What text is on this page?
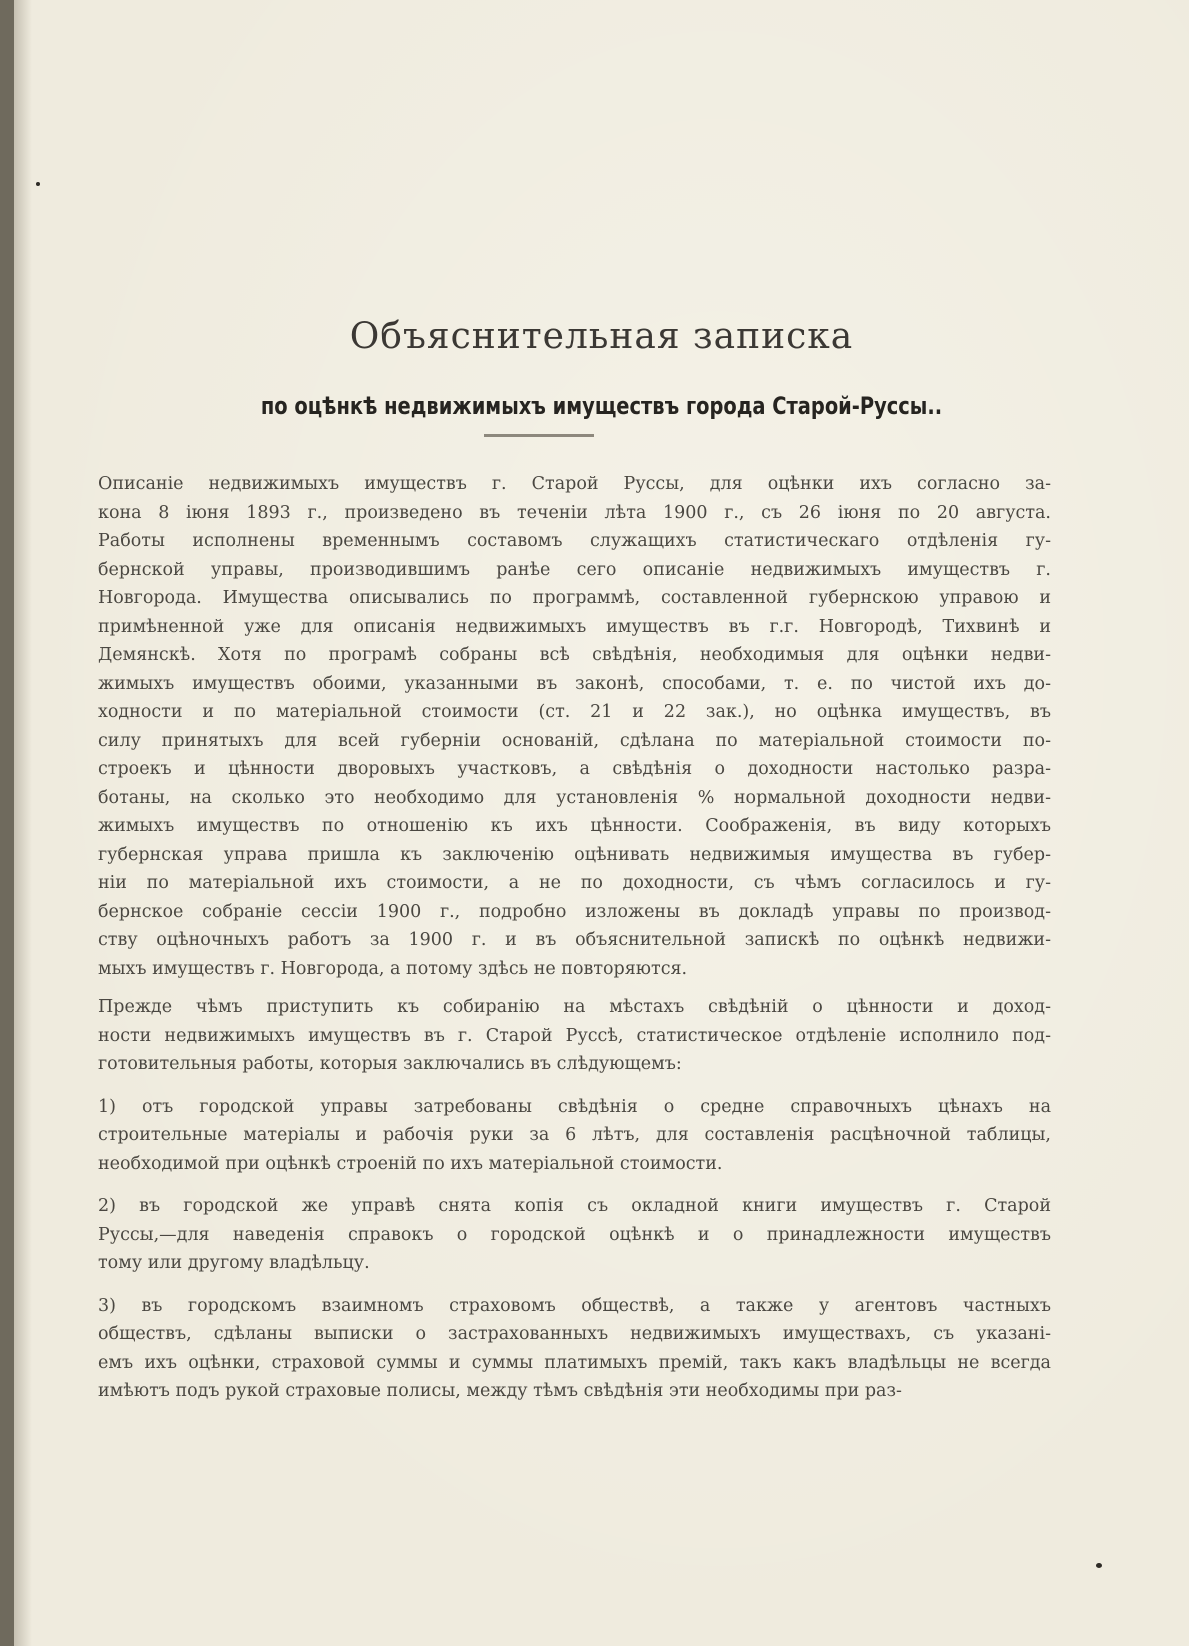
Объяснительная записка
по оцѣнкѣ недвижимыхъ имуществъ города Старой-Руссы..
Описаніе недвижимыхъ имуществъ г. Старой Руссы, для оцѣнки ихъ согласно за-
кона 8 іюня 1893 г., произведено въ теченіи лѣта 1900 г., съ 26 іюня по 20 августа.
Работы исполнены временнымъ составомъ служащихъ статистическаго отдѣленія гу-
бернской управы, производившимъ ранѣе сего описаніе недвижимыхъ имуществъ г.
Новгорода. Имущества описывались по программѣ, составленной губернскою управою и
примѣненной уже для описанія недвижимыхъ имуществъ въ г.г. Новгородѣ, Тихвинѣ и
Демянскѣ. Хотя по програмѣ собраны всѣ свѣдѣнія, необходимыя для оцѣнки недви-
жимыхъ имуществъ обоими, указанными въ законѣ, способами, т. е. по чистой ихъ до-
ходности и по матеріальной стоимости (ст. 21 и 22 зак.), но оцѣнка имуществъ, въ
силу принятыхъ для всей губерніи основаній, сдѣлана по матеріальной стоимости по-
строекъ и цѣнности дворовыхъ участковъ, а свѣдѣнія о доходности настолько разра-
ботаны, на сколько это необходимо для установленія % нормальной доходности недви-
жимыхъ имуществъ по отношенію къ ихъ цѣнности. Соображенія, въ виду которыхъ
губернская управа пришла къ заключенію оцѣнивать недвижимыя имущества въ губер-
ніи по матеріальной ихъ стоимости, а не по доходности, съ чѣмъ согласилось и гу-
бернское собраніе сессіи 1900 г., подробно изложены въ докладѣ управы по производ-
ству оцѣночныхъ работъ за 1900 г. и въ объяснительной запискѣ по оцѣнкѣ недвижи-
мыхъ имуществъ г. Новгорода, а потому здѣсь не повторяются.
Прежде чѣмъ приступить къ собиранію на мѣстахъ свѣдѣній о цѣнности и доход-
ности недвижимыхъ имуществъ въ г. Старой Руссѣ, статистическое отдѣленіе исполнило под-
готовительныя работы, которыя заключались въ слѣдующемъ:
1) отъ городской управы затребованы свѣдѣнія о средне справочныхъ цѣнахъ на
строительные матеріалы и рабочія руки за 6 лѣтъ, для составленія расцѣночной таблицы,
необходимой при оцѣнкѣ строеній по ихъ матеріальной стоимости.
2) въ городской же управѣ снята копія съ окладной книги имуществъ г. Старой
Руссы,—для наведенія справокъ о городской оцѣнкѣ и о принадлежности имуществъ
тому или другому владѣльцу.
3) въ городскомъ взаимномъ страховомъ обществѣ, а также у агентовъ частныхъ
обществъ, сдѣланы выписки о застрахованныхъ недвижимыхъ имуществахъ, съ указані-
емъ ихъ оцѣнки, страховой суммы и суммы платимыхъ премій, такъ какъ владѣльцы не всегда
имѣютъ подъ рукой страховые полисы, между тѣмъ свѣдѣнія эти необходимы при раз-
